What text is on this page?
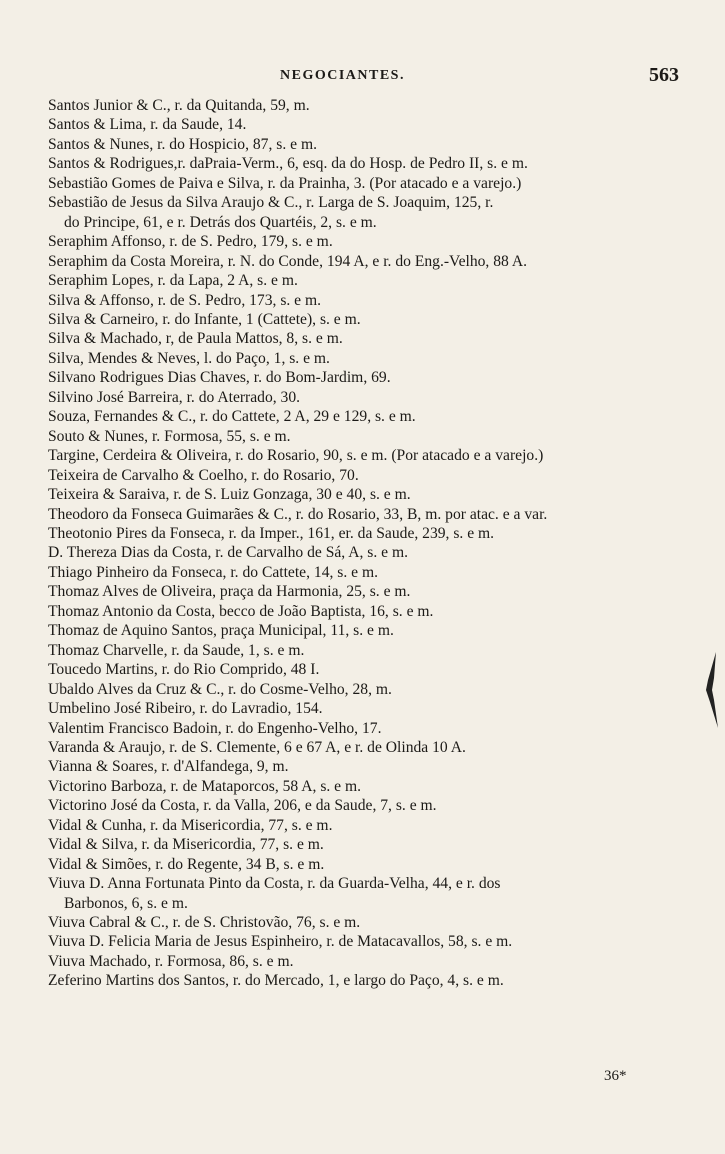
NEGOCIANTES.	563
Santos Junior & C., r. da Quitanda, 59, m.
Santos & Lima, r. da Saude, 14.
Santos & Nunes, r. do Hospicio, 87, s. e m.
Santos & Rodrigues,r. daPraia-Verm., 6, esq. da do Hosp. de Pedro II, s. e m.
Sebastião Gomes de Paiva e Silva, r. da Prainha, 3. (Por atacado e a varejo.)
Sebastião de Jesus da Silva Araujo & C., r. Larga de S. Joaquim, 125, r.
do Principe, 61, e r. Detrás dos Quartéis, 2, s. e m.
Seraphim Affonso, r. de S. Pedro, 179, s. e m.
Seraphim da Costa Moreira, r. N. do Conde, 194 A, e r. do Eng.-Velho, 88 A.
Seraphim Lopes, r. da Lapa, 2 A, s. e m.
Silva & Affonso, r. de S. Pedro, 173, s. e m.
Silva & Carneiro, r. do Infante, 1 (Cattete), s. e m.
Silva & Machado, r, de Paula Mattos, 8, s. e m.
Silva, Mendes & Neves, l. do Paço, 1, s. e m.
Silvano Rodrigues Dias Chaves, r. do Bom-Jardim, 69.
Silvino José Barreira, r. do Aterrado, 30.
Souza, Fernandes & C., r. do Cattete, 2 A, 29 e 129, s. e m.
Souto & Nunes, r. Formosa, 55, s. e m.
Targine, Cerdeira & Oliveira, r. do Rosario, 90, s. e m. (Por atacado e a varejo.)
Teixeira de Carvalho & Coelho, r. do Rosario, 70.
Teixeira & Saraiva, r. de S. Luiz Gonzaga, 30 e 40, s. e m.
Theodoro da Fonseca Guimarães & C., r. do Rosario, 33, B, m. por atac. e a var.
Theotonio Pires da Fonseca, r. da Imper., 161, er. da Saude, 239, s. e m.
D. Thereza Dias da Costa, r. de Carvalho de Sá, A, s. e m.
Thiago Pinheiro da Fonseca, r. do Cattete, 14, s. e m.
Thomaz Alves de Oliveira, praça da Harmonia, 25, s. e m.
Thomaz Antonio da Costa, becco de João Baptista, 16, s. e m.
Thomaz de Aquino Santos, praça Municipal, 11, s. e m.
Thomaz Charvelle, r. da Saude, 1, s. e m.
Toucedo Martins, r. do Rio Comprido, 48 I.
Ubaldo Alves da Cruz & C., r. do Cosme-Velho, 28, m.
Umbelino José Ribeiro, r. do Lavradio, 154.
Valentim Francisco Badoin, r. do Engenho-Velho, 17.
Varanda & Araujo, r. de S. Clemente, 6 e 67 A, e r. de Olinda 10 A.
Vianna & Soares, r. d'Alfandega, 9, m.
Victorino Barboza, r. de Mataporcos, 58 A, s. e m.
Victorino José da Costa, r. da Valla, 206, e da Saude, 7, s. e m.
Vidal & Cunha, r. da Misericordia, 77, s. e m.
Vidal & Silva, r. da Misericordia, 77, s. e m.
Vidal & Simões, r. do Regente, 34 B, s. e m.
Viuva D. Anna Fortunata Pinto da Costa, r. da Guarda-Velha, 44, e r. dos
Barbonos, 6, s. e m.
Viuva Cabral & C., r. de S. Christovão, 76, s. e m.
Viuva D. Felicia Maria de Jesus Espinheiro, r. de Matacavallos, 58, s. e m.
Viuva Machado, r. Formosa, 86, s. e m.
Zeferino Martins dos Santos, r. do Mercado, 1, e largo do Paço, 4, s. e m.
36*
